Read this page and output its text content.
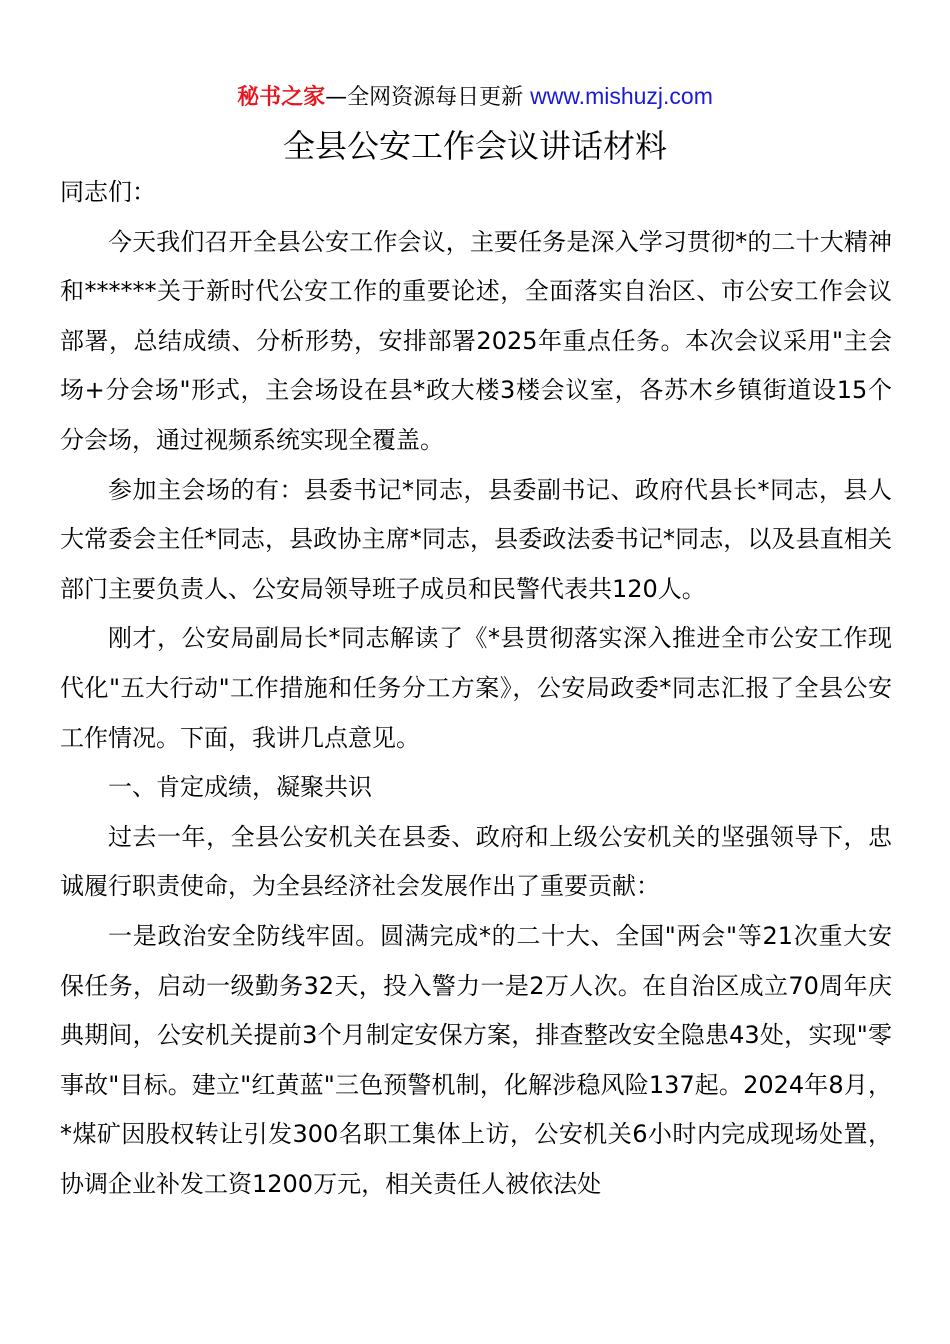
秘书之家—全网资源每日更新 www.mishuzj.com
全县公安工作会议讲话材料

同志们：

今天我们召开全县公安工作会议，主要任务是深入学习贯彻*的二十大精神和******关于新时代公安工作的重要论述，全面落实自治区、市公安工作会议部署，总结成绩、分析形势，安排部署2025年重点任务。本次会议采用"主会场+分会场"形式，主会场设在县*政大楼3楼会议室，各苏木乡镇街道设15个分会场，通过视频系统实现全覆盖。

参加主会场的有：县委书记*同志，县委副书记、政府代县长*同志，县人大常委会主任*同志，县政协主席*同志，县委政法委书记*同志，以及县直相关部门主要负责人、公安局领导班子成员和民警代表共120人。

刚才，公安局副局长*同志解读了《*县贯彻落实深入推进全市公安工作现代化"五大行动"工作措施和任务分工方案》，公安局政委*同志汇报了全县公安工作情况。下面，我讲几点意见。

一、肯定成绩，凝聚共识

过去一年，全县公安机关在县委、政府和上级公安机关的坚强领导下，忠诚履行职责使命，为全县经济社会发展作出了重要贡献：

一是政治安全防线牢固。圆满完成*的二十大、全国"两会"等21次重大安保任务，启动一级勤务32天，投入警力一是2万人次。在自治区成立70周年庆典期间，公安机关提前3个月制定安保方案，排查整改安全隐患43处，实现"零事故"目标。建立"红黄蓝"三色预警机制，化解涉稳风险137起。2024年8月，*煤矿因股权转让引发300名职工集体上访，公安机关6小时内完成现场处置，协调企业补发工资1200万元，相关责任人被依法处
